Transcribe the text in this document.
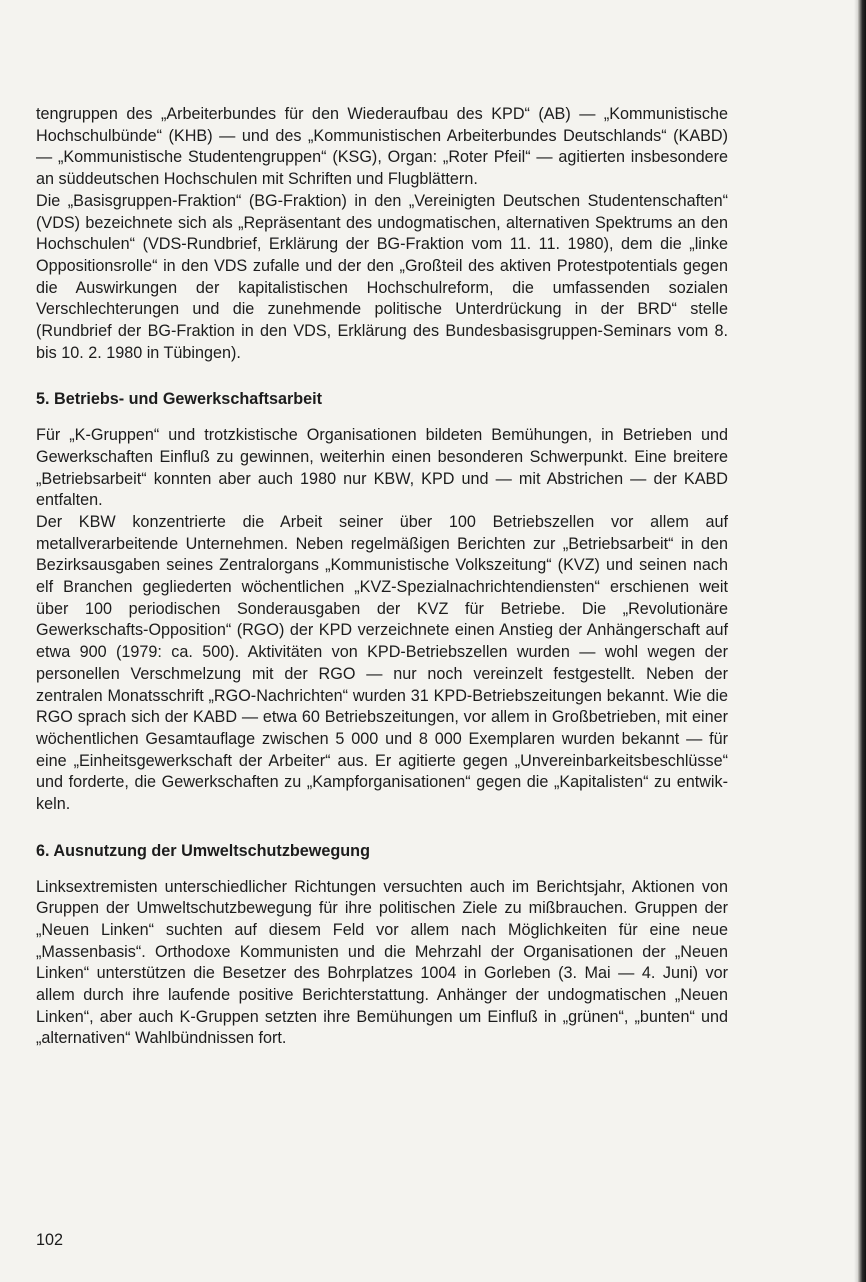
tengruppen des „Arbeiterbundes für den Wiederaufbau des KPD“ (AB) — „Kommunistische Hochschulbünde“ (KHB) — und des „Kommunistischen Arbeiterbundes Deutschlands“ (KABD) — „Kommunistische Studentengruppen“ (KSG), Organ: „Roter Pfeil“ — agitierten insbesondere an süddeutschen Hochschulen mit Schriften und Flugblättern.

Die „Basisgruppen-Fraktion“ (BG-Fraktion) in den „Vereinigten Deutschen Studentenschaften“ (VDS) bezeichnete sich als „Repräsentant des undogmatischen, alternativen Spektrums an den Hochschulen“ (VDS-Rundbrief, Erklärung der BG-Fraktion vom 11. 11. 1980), dem die „linke Oppositionsrolle“ in den VDS zufalle und der den „Großteil des aktiven Protestpotentials gegen die Auswirkungen der kapitalistischen Hochschulreform, die umfassenden sozialen Verschlechterungen und die zunehmende politische Unterdrückung in der BRD“ stelle (Rundbrief der BG-Fraktion in den VDS, Erklärung des Bundesbasisgruppen-Seminars vom 8. bis 10. 2. 1980 in Tübingen).

5. Betriebs- und Gewerkschaftsarbeit

Für „K-Gruppen“ und trotzkistische Organisationen bildeten Bemühungen, in Betrieben und Gewerkschaften Einfluß zu gewinnen, weiterhin einen besonderen Schwerpunkt. Eine breitere „Betriebsarbeit“ konnten aber auch 1980 nur KBW, KPD und — mit Abstrichen — der KABD entfalten.

Der KBW konzentrierte die Arbeit seiner über 100 Betriebszellen vor allem auf metallverarbeitende Unternehmen. Neben regelmäßigen Berichten zur „Betriebsarbeit“ in den Bezirksausgaben seines Zentralorgans „Kommunistische Volkszeitung“ (KVZ) und seinen nach elf Branchen gegliederten wöchentlichen „KVZ-Spezialnachrichtendiensten“ erschienen weit über 100 periodischen Sonderausgaben der KVZ für Betriebe. Die „Revolutionäre Gewerkschafts-Opposition“ (RGO) der KPD verzeichnete einen Anstieg der Anhängerschaft auf etwa 900 (1979: ca. 500). Aktivitäten von KPD-Betriebszellen wurden — wohl wegen der personellen Verschmelzung mit der RGO — nur noch vereinzelt festgestellt. Neben der zentralen Monatsschrift „RGO-Nachrichten“ wurden 31 KPD-Betriebszeitungen bekannt. Wie die RGO sprach sich der KABD — etwa 60 Betriebszeitungen, vor allem in Großbetrieben, mit einer wöchentlichen Gesamtauflage zwischen 5 000 und 8 000 Exemplaren wurden bekannt — für eine „Einheitsgewerkschaft der Arbeiter“ aus. Er agitierte gegen „Unvereinbarkeitsbeschlüsse“ und forderte, die Gewerkschaften zu „Kampforganisationen“ gegen die „Kapitalisten“ zu entwikkeln.

6. Ausnutzung der Umweltschutzbewegung

Linksextremisten unterschiedlicher Richtungen versuchten auch im Berichtsjahr, Aktionen von Gruppen der Umweltschutzbewegung für ihre politischen Ziele zu mißbrauchen. Gruppen der „Neuen Linken“ suchten auf diesem Feld vor allem nach Möglichkeiten für eine neue „Massenbasis“. Orthodoxe Kommunisten und die Mehrzahl der Organisationen der „Neuen Linken“ unterstützen die Besetzer des Bohrplatzes 1004 in Gorleben (3. Mai — 4. Juni) vor allem durch ihre laufende positive Berichterstattung. Anhänger der undogmatischen „Neuen Linken“, aber auch K-Gruppen setzten ihre Bemühungen um Einfluß in „grünen“, „bunten“ und „alternativen“ Wahlbündnissen fort.

102
